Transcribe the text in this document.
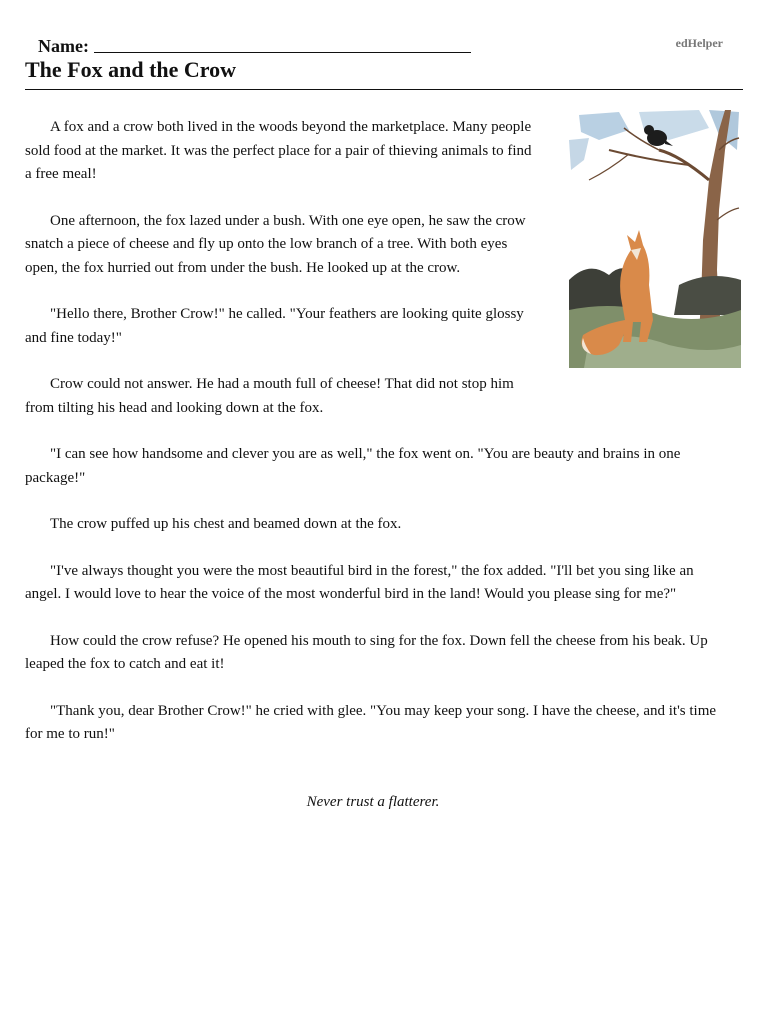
Name:	edHelper
The Fox and the Crow

A fox and a crow both lived in the woods beyond the marketplace. Many people sold food at the market. It was the perfect place for a pair of thieving animals to find a free meal!

One afternoon, the fox lazed under a bush. With one eye open, he saw the crow snatch a piece of cheese and fly up onto the low branch of a tree. With both eyes open, the fox hurried out from under the bush. He looked up at the crow.

"Hello there, Brother Crow!" he called. "Your feathers are looking quite glossy and fine today!"

Crow could not answer. He had a mouth full of cheese! That did not stop him from tilting his head and looking down at the fox.

"I can see how handsome and clever you are as well," the fox went on. "You are beauty and brains in one package!"

The crow puffed up his chest and beamed down at the fox.

"I've always thought you were the most beautiful bird in the forest," the fox added. "I'll bet you sing like an angel. I would love to hear the voice of the most wonderful bird in the land! Would you please sing for me?"

How could the crow refuse? He opened his mouth to sing for the fox. Down fell the cheese from his beak. Up leaped the fox to catch and eat it!

"Thank you, dear Brother Crow!" he cried with glee. "You may keep your song. I have the cheese, and it's time for me to run!"

Never trust a flatterer.
